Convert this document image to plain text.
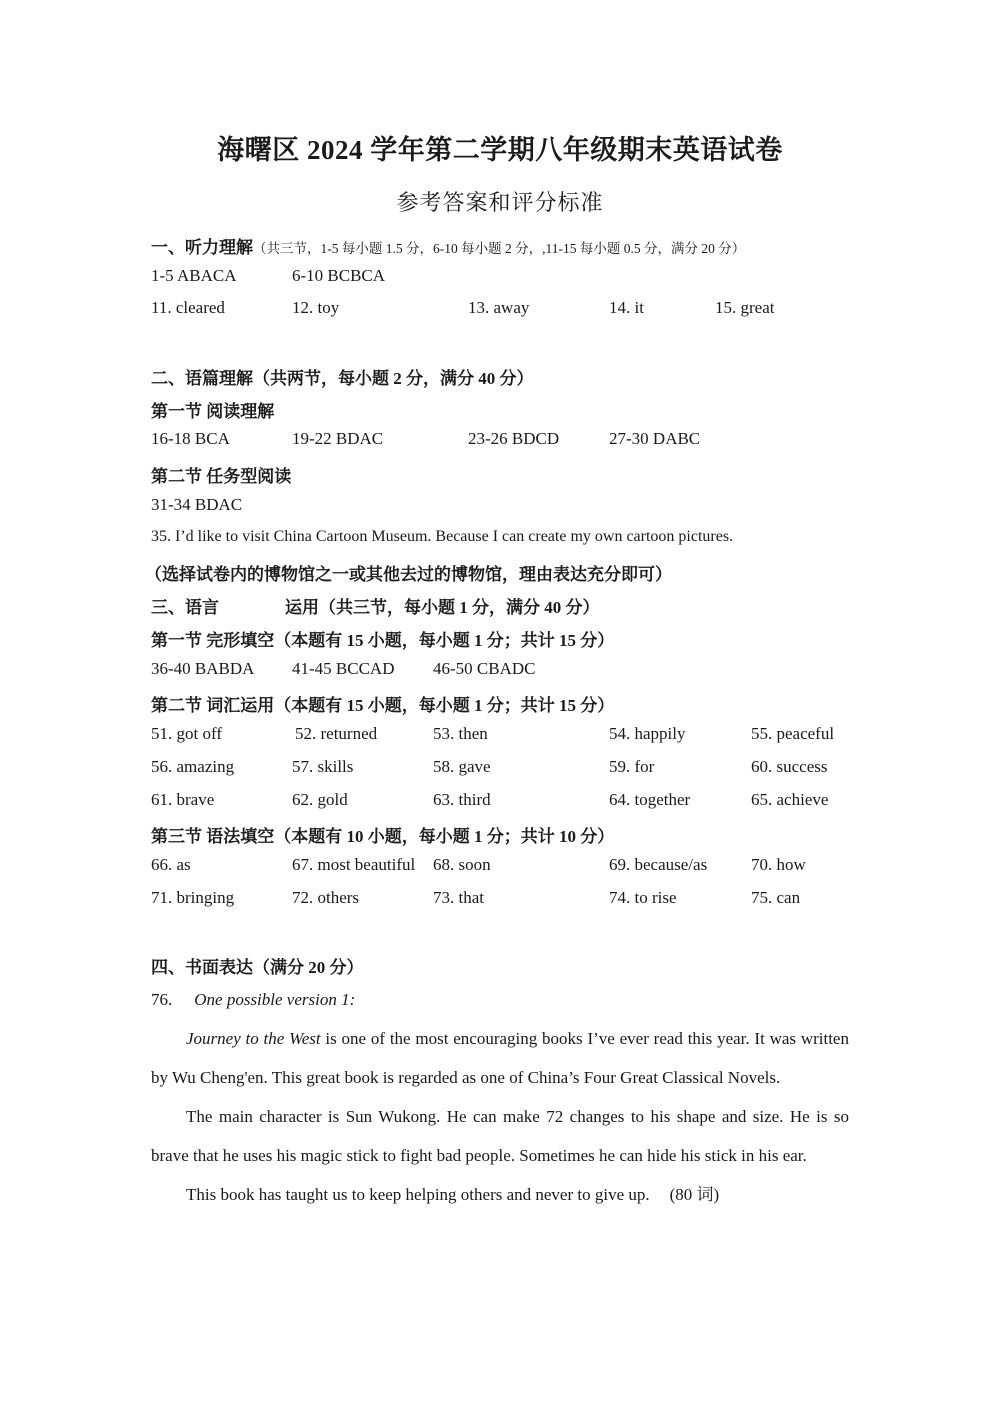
海曙区 2024 学年第二学期八年级期末英语试卷
参考答案和评分标准
一、听力理解（共三节，1-5 每小题 1.5 分，6-10 每小题 2 分，,11-15 每小题 0.5 分，满分 20 分）
1-5 ABACA	6-10 BCBCA
11. cleared	12. toy	13. away	14. it	15. great
二、语篇理解（共两节，每小题 2 分，满分 40 分）
第一节 阅读理解
16-18 BCA	19-22 BDAC	23-26 BDCD	27-30 DABC
第二节 任务型阅读
31-34 BDAC
35. I’d like to visit China Cartoon Museum. Because I can create my own cartoon pictures.
（选择试卷内的博物馆之一或其他去过的博物馆，理由表达充分即可）
三、语言	运用（共三节，每小题 1 分，满分 40 分）
第一节 完形填空（本题有 15 小题，每小题 1 分；共计 15 分）
36-40 BABDA 41-45 BCCAD 46-50 CBADC
第二节 词汇运用（本题有 15 小题，每小题 1 分；共计 15 分）
51. got off	52. returned	53. then	54. happily	55. peaceful
56. amazing	57. skills	58. gave	59. for	60. success
61. brave	62. gold	63. third	64. together	65. achieve
第三节 语法填空（本题有 10 小题，每小题 1 分；共计 10 分）
66. as	67. most beautiful 68. soon	69. because/as	70. how
71. bringing	72. others	73. that	74. to rise	75. can
四、书面表达（满分 20 分）
76. One possible version 1:

Journey to the West is one of the most encouraging books I’ve ever read this year. It was written by Wu Cheng'en. This great book is regarded as one of China’s Four Great Classical Novels.

The main character is Sun Wukong. He can make 72 changes to his shape and size. He is so brave that he uses his magic stick to fight bad people. Sometimes he can hide his stick in his ear.

This book has taught us to keep helping others and never to give up. (80 词)
